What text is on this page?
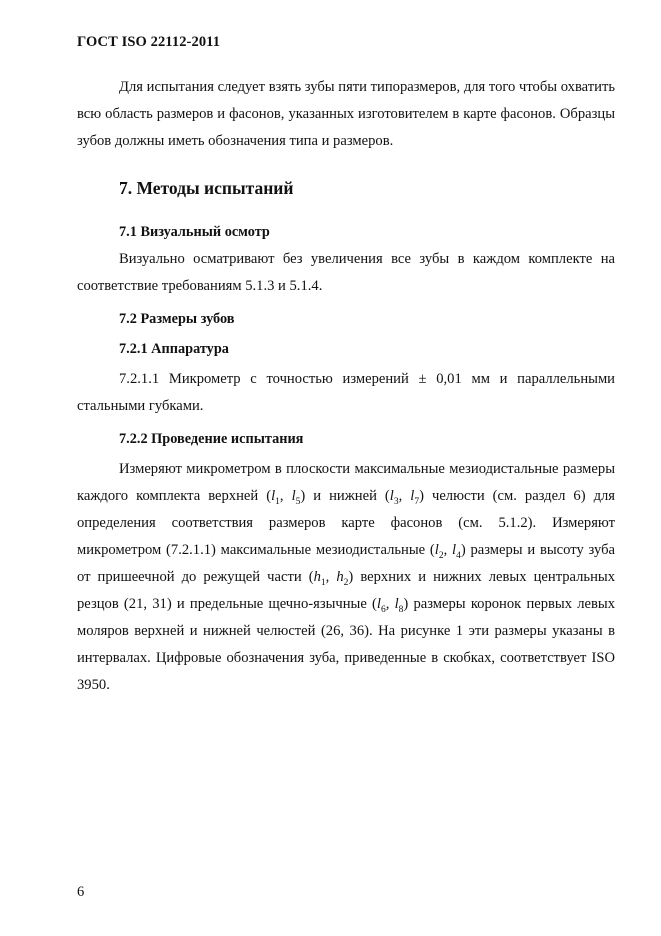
ГОСТ ISO 22112-2011

Для испытания следует взять зубы пяти типоразмеров, для того чтобы охватить всю область размеров и фасонов, указанных изготовителем в карте фасонов. Образцы зубов должны иметь обозначения типа и размеров.

7. Методы испытаний
7.1 Визуальный осмотр

Визуально осматривают без увеличения все зубы в каждом комплекте на соответствие требованиям 5.1.3 и 5.1.4.

7.2 Размеры зубов
7.2.1 Аппаратура

7.2.1.1 Микрометр с точностью измерений ± 0,01 мм и параллельными стальными губками.

7.2.2 Проведение испытания

Измеряют микрометром в плоскости максимальные мезиодистальные размеры каждого комплекта верхней ($l_1$, $l_5$) и нижней ($l_3$, $l_7$) челюсти (см. раздел 6) для определения соответствия размеров карте фасонов (см. 5.1.2). Измеряют микрометром (7.2.1.1) максимальные мезиодистальные ($l_2$, $l_4$) размеры и высоту зуба от пришеечной до режущей части ($h_1$, $h_2$) верхних и нижних левых центральных резцов (21, 31) и предельные щечно-язычные ($l_6$, $l_8$) размеры коронок первых левых моляров верхней и нижней челюстей (26, 36). На рисунке 1 эти размеры указаны в интервалах. Цифровые обозначения зуба, приведенные в скобках, соответствует ISO 3950.

6
